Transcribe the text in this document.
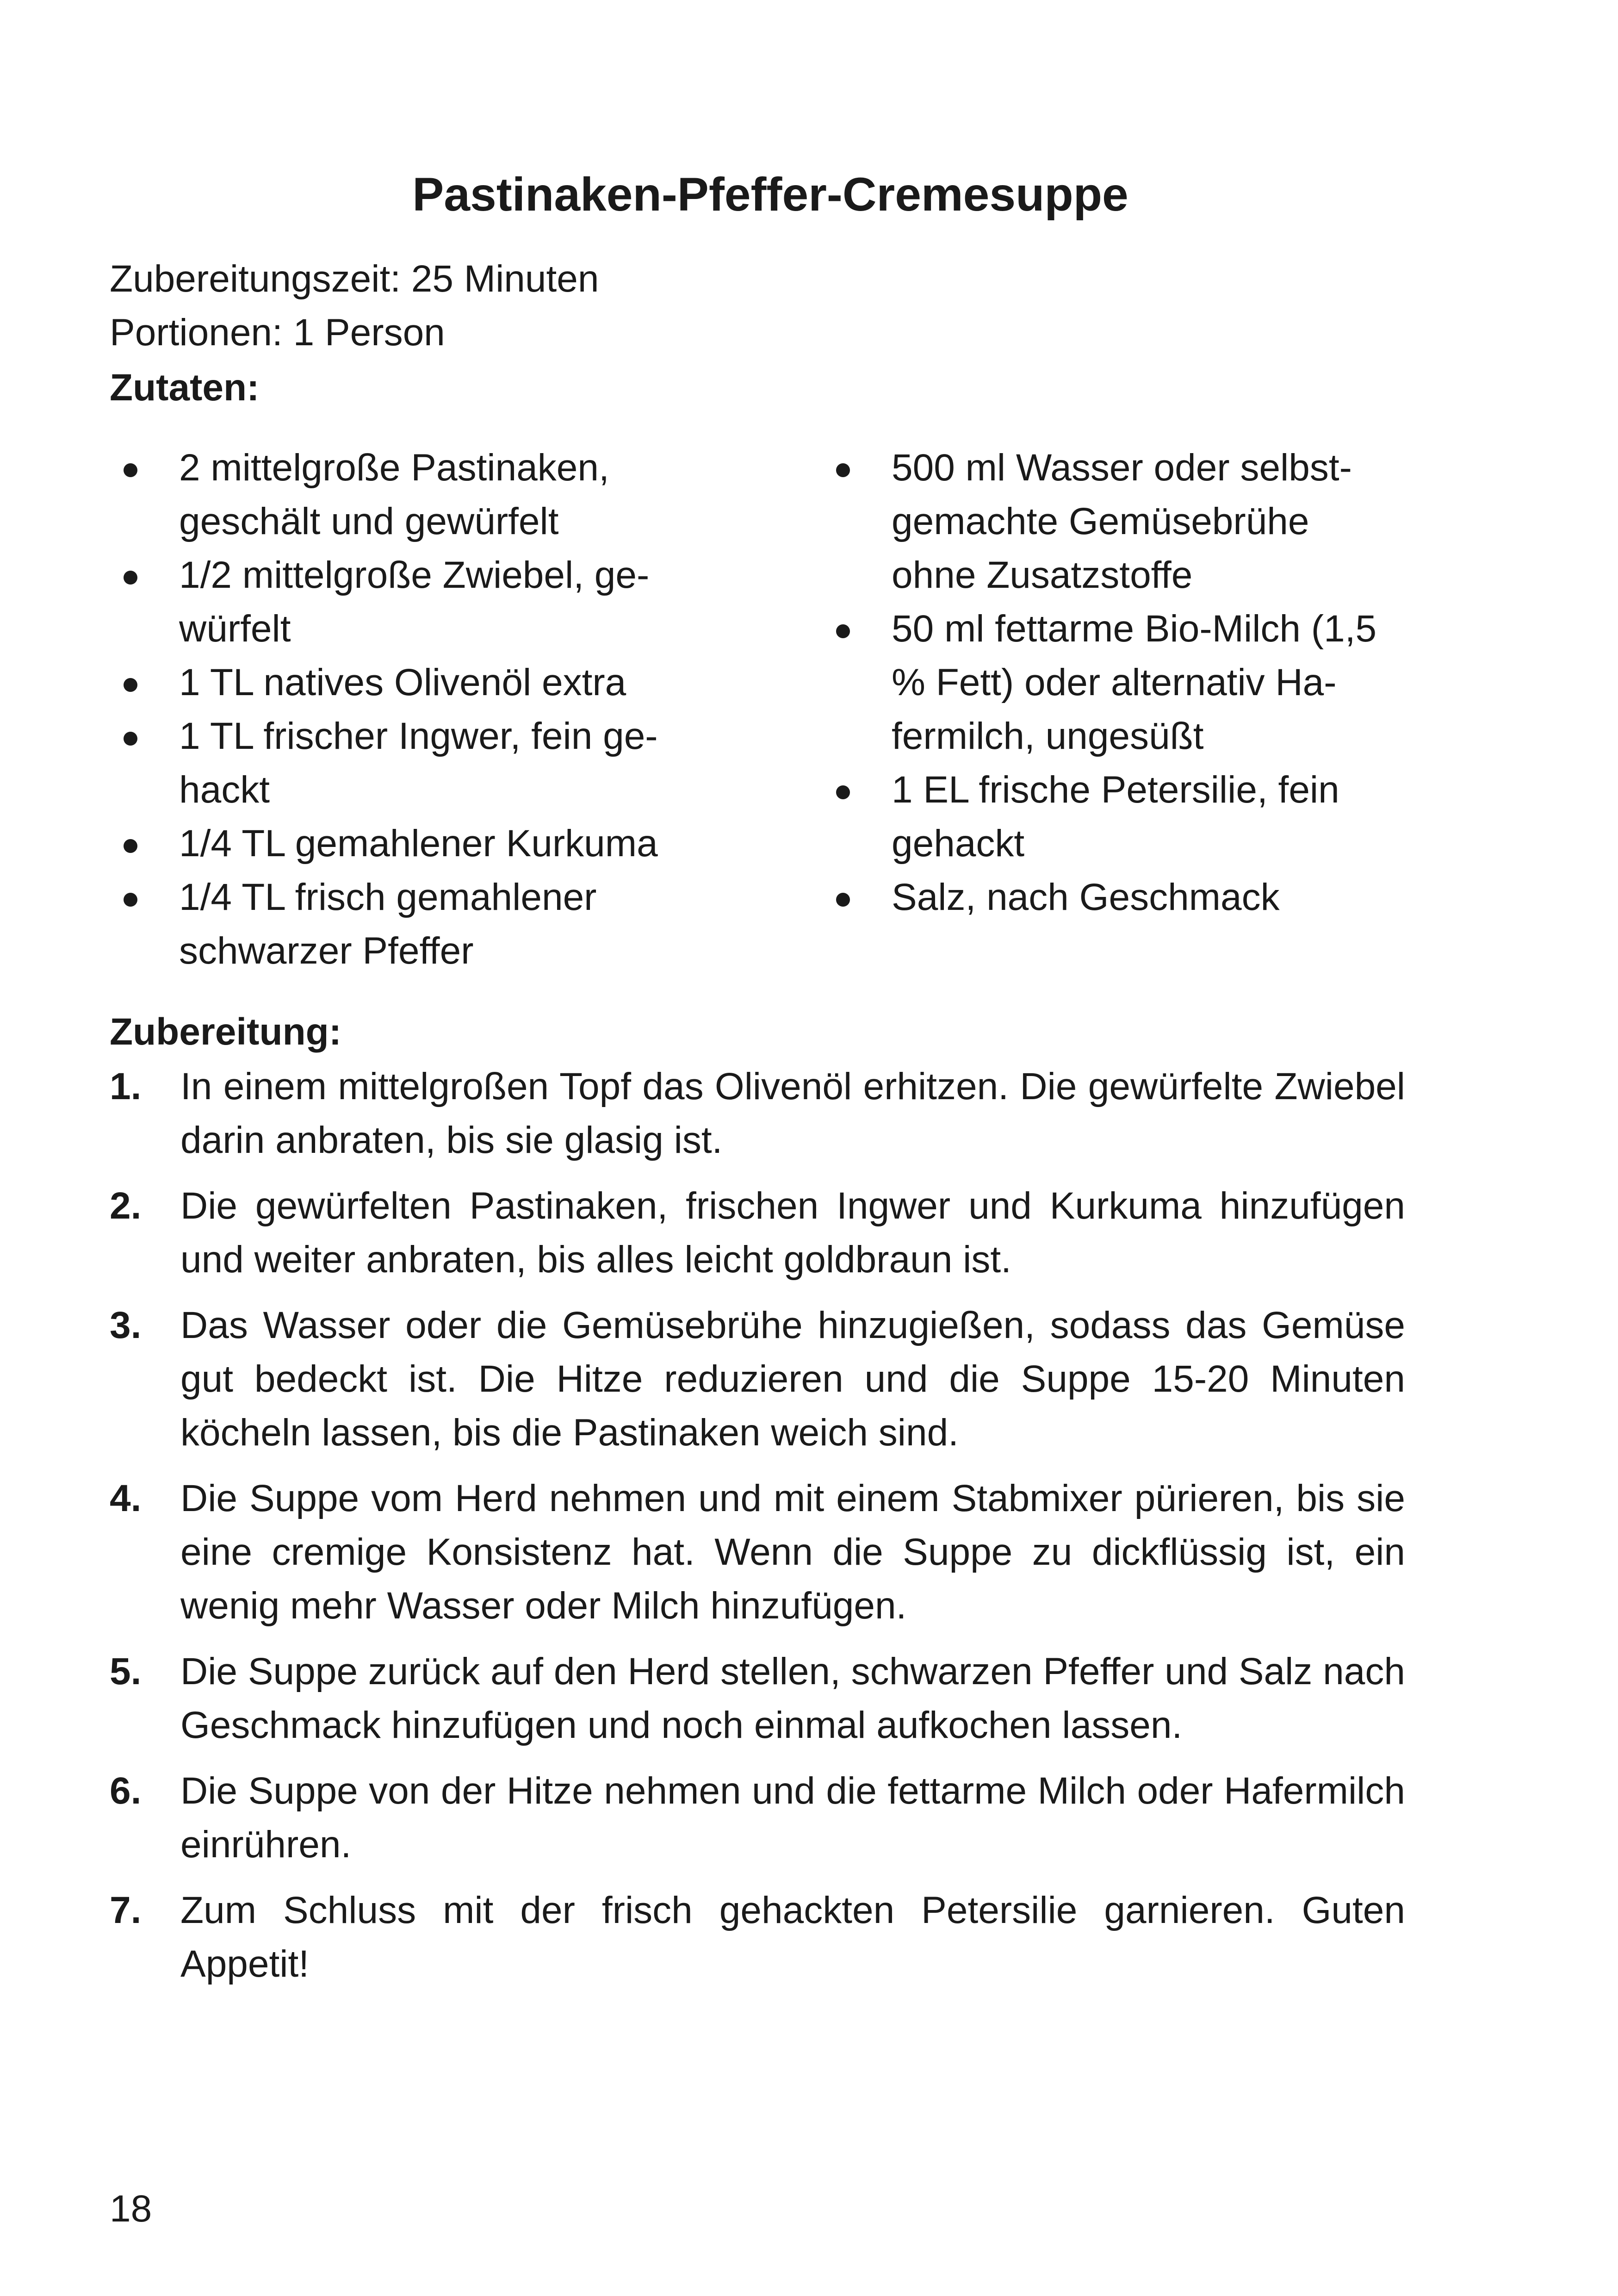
Pastinaken-Pfeffer-Cremesuppe
Zubereitungszeit: 25 Minuten
Portionen: 1 Person
Zutaten:
2 mittelgroße Pastinaken,
geschält und gewürfelt
1/2 mittelgroße Zwiebel, ge-
würfelt
1 TL natives Olivenöl extra
1 TL frischer Ingwer, fein ge-
hackt
1/4 TL gemahlener Kurkuma
1/4 TL frisch gemahlener
schwarzer Pfeffer
500 ml Wasser oder selbst-
gemachte Gemüsebrühe
ohne Zusatzstoffe
50 ml fettarme Bio-Milch (1,5
% Fett) oder alternativ Ha-
fermilch, ungesüßt
1 EL frische Petersilie, fein
gehackt
Salz, nach Geschmack
Zubereitung:
1. In einem mittelgroßen Topf das Olivenöl erhitzen. Die gewürfelte Zwiebel darin anbraten, bis sie glasig ist.
2. Die gewürfelten Pastinaken, frischen Ingwer und Kurkuma hinzufügen und weiter anbraten, bis alles leicht goldbraun ist.
3. Das Wasser oder die Gemüsebrühe hinzugießen, sodass das Gemüse gut bedeckt ist. Die Hitze reduzieren und die Suppe 15-20 Minuten köcheln lassen, bis die Pastinaken weich sind.
4. Die Suppe vom Herd nehmen und mit einem Stabmixer pürieren, bis sie eine cremige Konsistenz hat. Wenn die Suppe zu dickflüssig ist, ein wenig mehr Wasser oder Milch hinzufügen.
5. Die Suppe zurück auf den Herd stellen, schwarzen Pfeffer und Salz nach Geschmack hinzufügen und noch einmal aufkochen lassen.
6. Die Suppe von der Hitze nehmen und die fettarme Milch oder Hafermilch einrühren.
7. Zum Schluss mit der frisch gehackten Petersilie garnieren. Guten Appetit!
18
